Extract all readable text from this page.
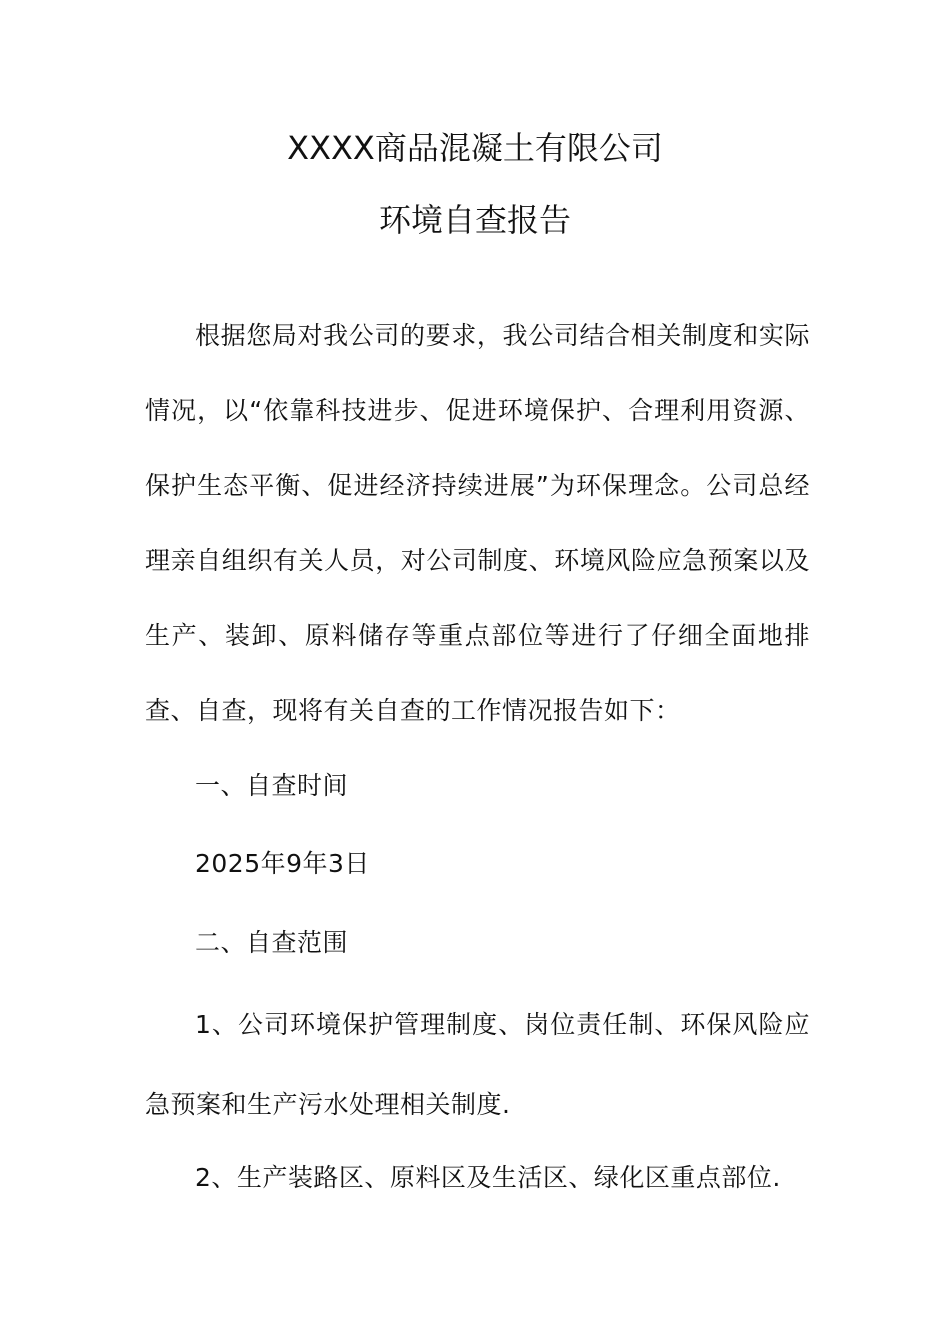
XXXX商品混凝土有限公司
环境自查报告
根据您局对我公司的要求，我公司结合相关制度和实际情况，以“依靠科技进步、促进环境保护、合理利用资源、保护生态平衡、促进经济持续进展”为环保理念。公司总经理亲自组织有关人员，对公司制度、环境风险应急预案以及生产、装卸、原料储存等重点部位等进行了仔细全面地排查、自查，现将有关自查的工作情况报告如下：
一、自查时间
2025年9年3日
二、自查范围
1、公司环境保护管理制度、岗位责任制、环保风险应急预案和生产污水处理相关制度.
2、生产装路区、原料区及生活区、绿化区重点部位.
